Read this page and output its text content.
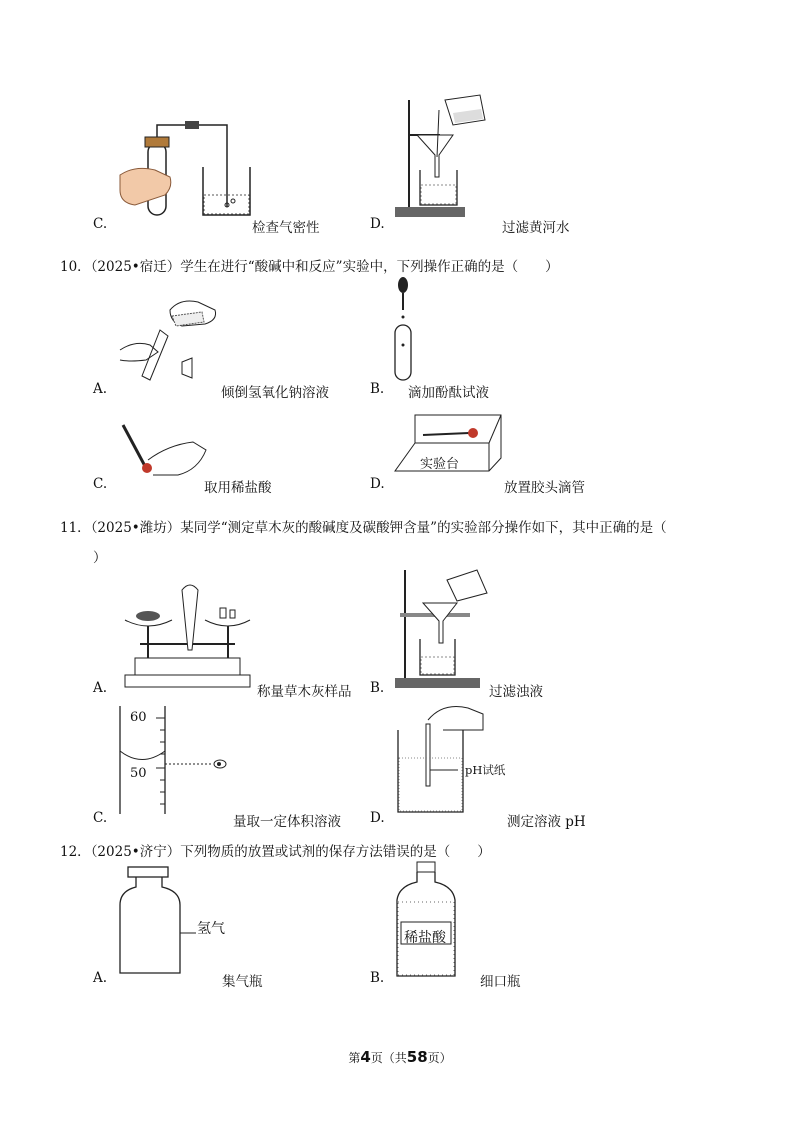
C.	检查气密性	D.	过滤黄河水
10．（2025•宿迁）学生在进行“酸碱中和反应”实验中，下列操作正确的是（　　）
A.	倾倒氢氧化钠溶液	B. 滴加酚酞试液
C.	取用稀盐酸
实验台
D.	放置胶头滴管
11．（2025•潍坊）某同学“测定草木灰的酸碱度及碳酸钾含量”的实验部分操作如下，其中正确的是（
）
A.	称量草木灰样品 B.	过滤浊液
60
50
C.	量取一定体积溶液
pH试纸
D.	测定溶液 pH
12．（2025•济宁）下列物质的放置或试剂的保存方法错误的是（　　）
氢气
A.	集气瓶
稀盐酸
B.	细口瓶
第4页（共58页）
